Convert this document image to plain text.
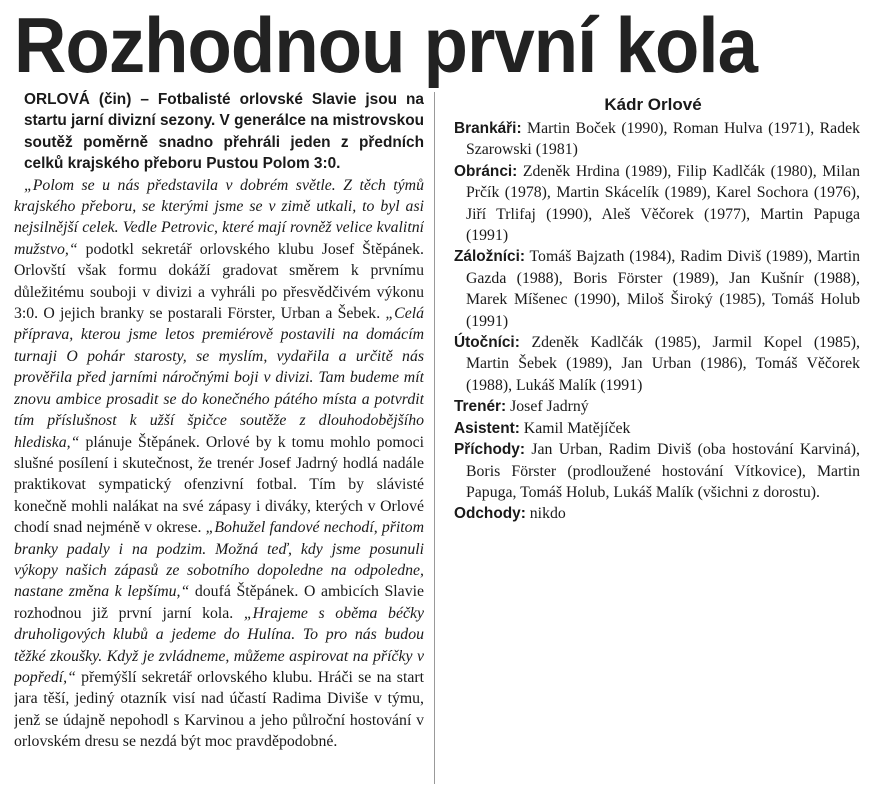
Rozhodnou první kola

ORLOVÁ (čin) – Fotbalisté orlovské Slavie jsou na startu jarní divizní sezony. V generálce na mistrovskou soutěž poměrně snadno přehráli jeden z předních celků krajského přeboru Pustou Polom 3:0.

„Polom se u nás představila v dobrém světle. Z těch týmů krajského přeboru, se kterými jsme se v zimě utkali, to byl asi nejsilnější celek. Vedle Petrovic, které mají rovněž velice kvalitní mužstvo,“ podotkl sekretář orlovského klubu Josef Štěpánek. Orlovští však formu dokáží gradovat směrem k prvnímu důležitému souboji v divizi a vyhráli po přesvědčivém výkonu 3:0. O jejich branky se postarali Förster, Urban a Šebek. „Celá příprava, kterou jsme letos premiérově postavili na domácím turnaji O pohár starosty, se myslím, vydařila a určitě nás prověřila před jarními náročnými boji v divizi. Tam budeme mít znovu ambice prosadit se do konečného pátého místa a potvrdit tím příslušnost k užší špičce soutěže z dlouhodobějšího hlediska,“ plánuje Štěpánek. Orlové by k tomu mohlo pomoci slušné posílení i skutečnost, že trenér Josef Jadrný hodlá nadále praktikovat sympatický ofenzivní fotbal. Tím by slávisté konečně mohli nalákat na své zápasy i diváky, kterých v Orlové chodí snad nejméně v okrese. „Bohužel fandové nechodí, přitom branky padaly i na podzim. Možná teď, kdy jsme posunuli výkopy našich zápasů ze sobotního dopoledne na odpoledne, nastane změna k lepšímu,“ doufá Štěpánek. O ambicích Slavie rozhodnou již první jarní kola. „Hrajeme s oběma béčky druholigových klubů a jedeme do Hulína. To pro nás budou těžké zkoušky. Když je zvládneme, můžeme aspirovat na příčky v popředí,“ přemýšlí sekretář orlovského klubu. Hráči se na start jara těší, jediný otazník visí nad účastí Radima Diviše v týmu, jenž se údajně nepohodl s Karvinou a jeho půlroční hostování v orlovském dresu se nezdá být moc pravděpodobné.

Kádr Orlové

Brankáři: Martin Boček (1990), Roman Hulva (1971), Radek Szarowski (1981)

Obránci: Zdeněk Hrdina (1989), Filip Kadlčák (1980), Milan Prčík (1978), Martin Skácelík (1989), Karel Sochora (1976), Jiří Trlifaj (1990), Aleš Věčorek (1977), Martin Papuga (1991)

Záložníci: Tomáš Bajzath (1984), Radim Diviš (1989), Martin Gazda (1988), Boris Förster (1989), Jan Kušnír (1988), Marek Míšenec (1990), Miloš Široký (1985), Tomáš Holub (1991)

Útočníci: Zdeněk Kadlčák (1985), Jarmil Kopel (1985), Martin Šebek (1989), Jan Urban (1986), Tomáš Věčorek (1988), Lukáš Malík (1991)

Trenér: Josef Jadrný

Asistent: Kamil Matějíček

Příchody: Jan Urban, Radim Diviš (oba hostování Karviná), Boris Förster (prodloužené hostování Vítkovice), Martin Papuga, Tomáš Holub, Lukáš Malík (všichni z dorostu).

Odchody: nikdo
